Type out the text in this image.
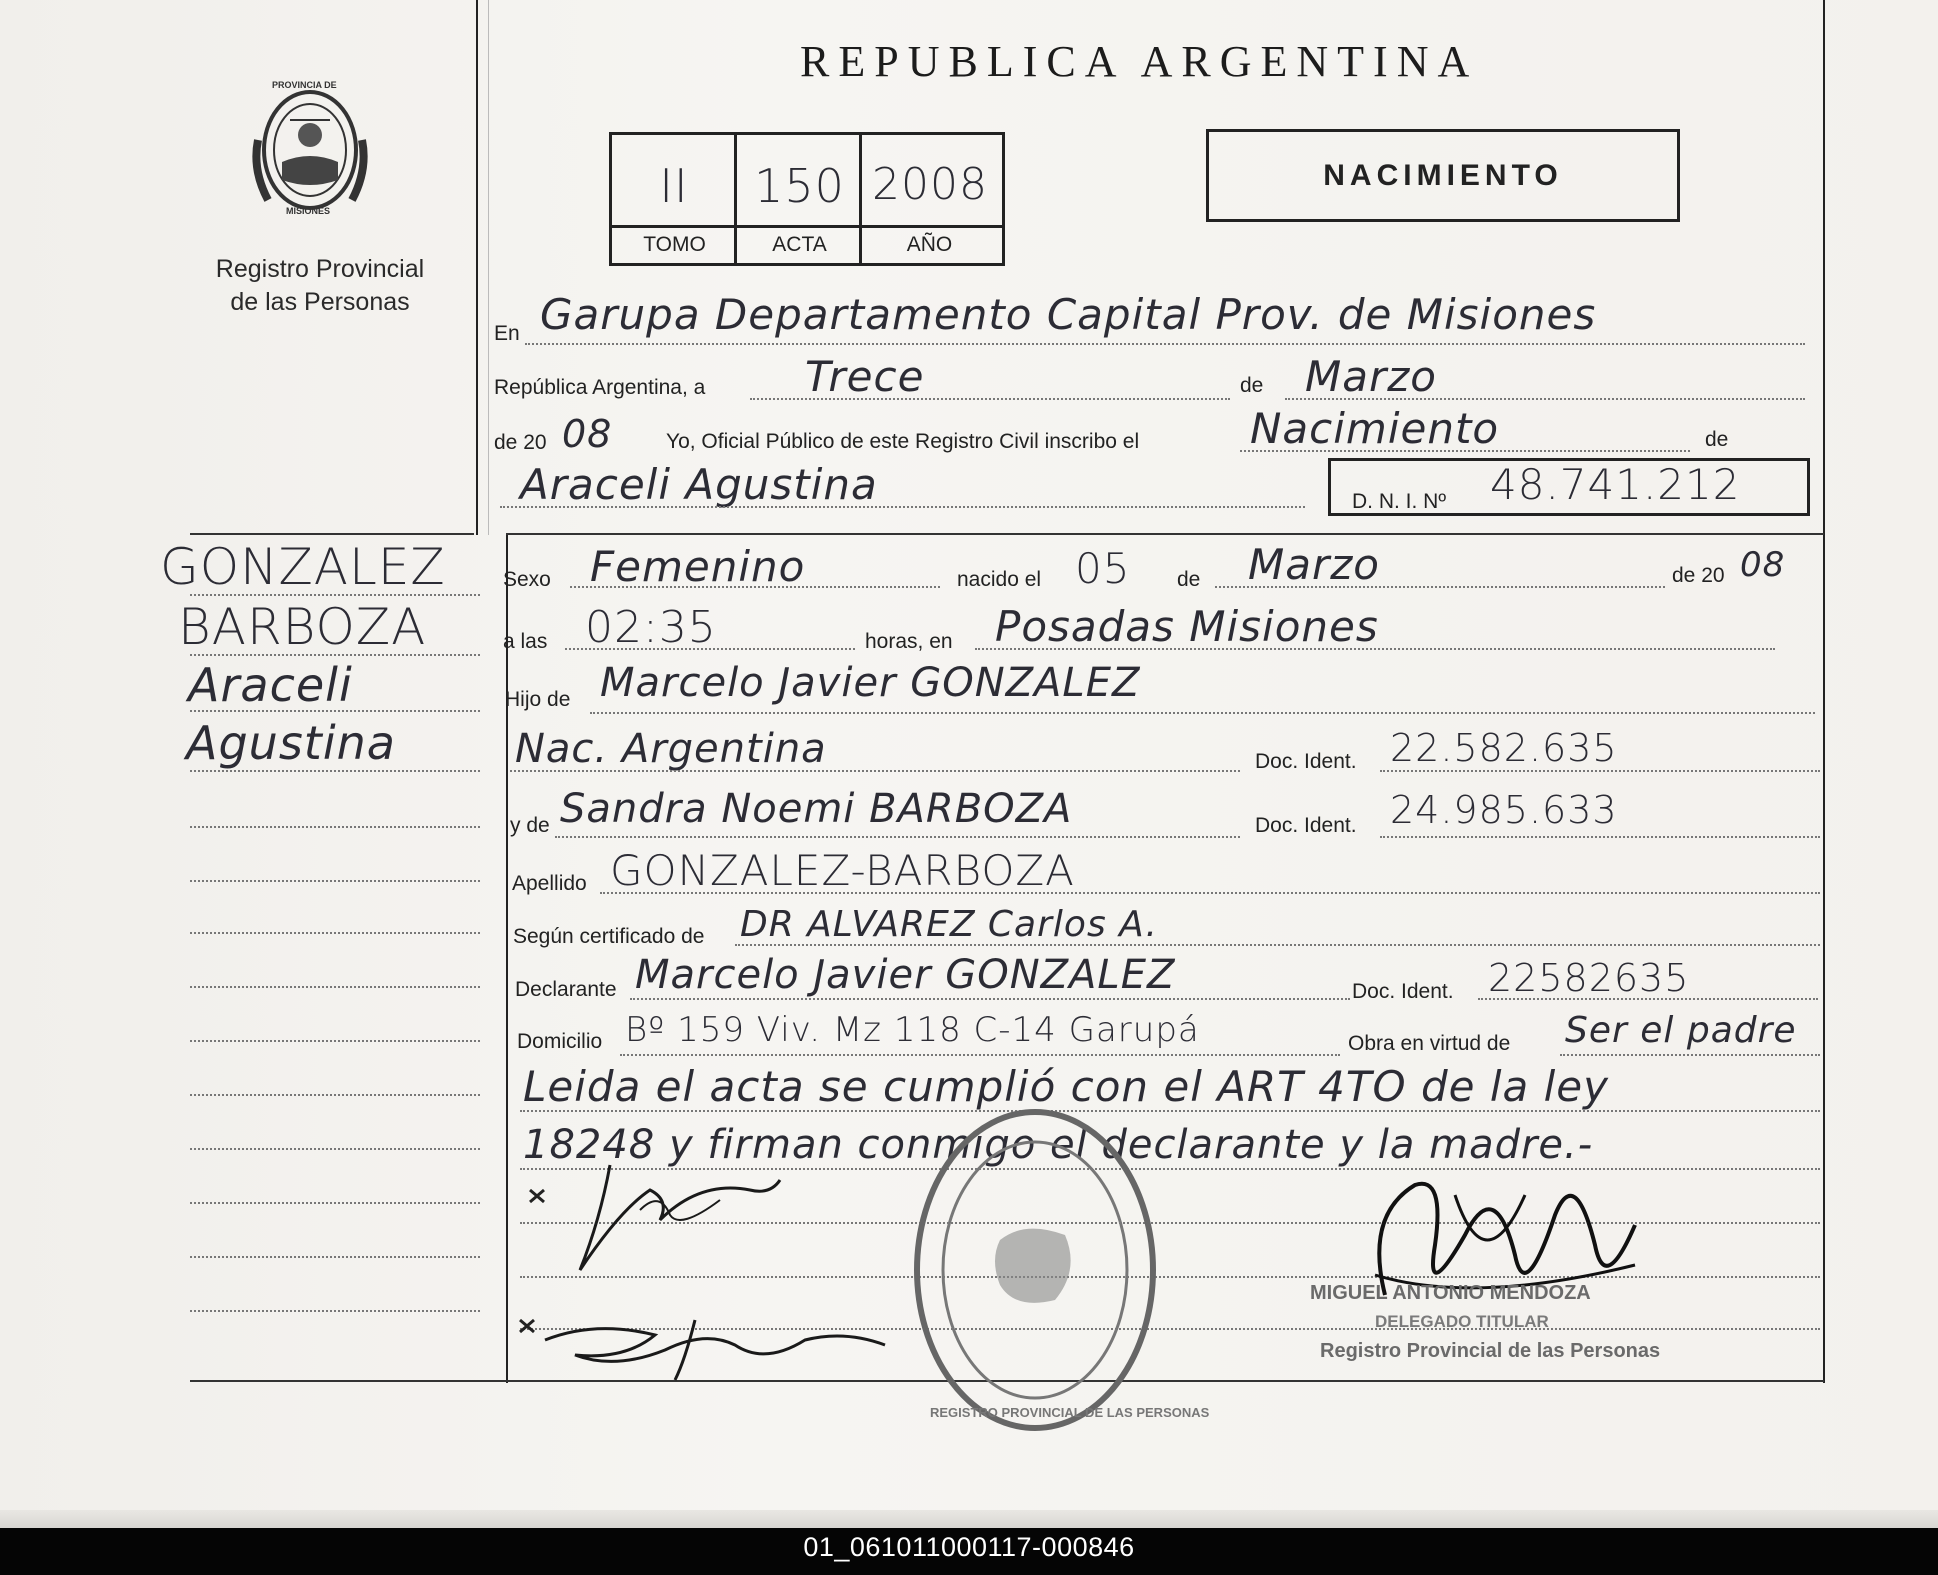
PROVINCIA DE
MISIONES
Registro Provincial
de las Personas
REPUBLICA ARGENTINA
II	150 2008
TOMO	ACTA	AÑO
NACIMIENTO
GONZALEZ
BARBOZA
Araceli
Agustina
En Garupa Departamento Capital Prov. de Misiones
República Argentina, a Trece	de Marzo
de 20 08	Yo, Oficial Público de este Registro Civil inscribo el	Nacimiento	de
Araceli Agustina	D. N. I. Nº 48.741.212
Sexo Femenino	nacido el 05 de Marzo	de 20 08
a las 02:35	horas, en Posadas Misiones
Hijo de Marcelo Javier GONZALEZ
Nac. Argentina	Doc. Ident. 22.582.635
y de Sandra Noemi BARBOZA	Doc. Ident. 24.985.633
Apellido GONZALEZ-BARBOZA
Según certificado de DR ALVAREZ Carlos A.
Declarante Marcelo Javier GONZALEZ	Doc. Ident. 22582635
Domicilio Bº 159 Viv. Mz 118 C-14 Garupá	Obra en virtud de Ser el padre
Leida el acta se cumplió con el ART 4TO de la ley
18248 y firman conmigo el declarante y la madre.-
REGISTRO PROVINCIAL DE LAS PERSONAS
MIGUEL ANTONIO MENDOZA
DELEGADO TITULAR
Registro Provincial de las Personas
01_061011000117-000846
